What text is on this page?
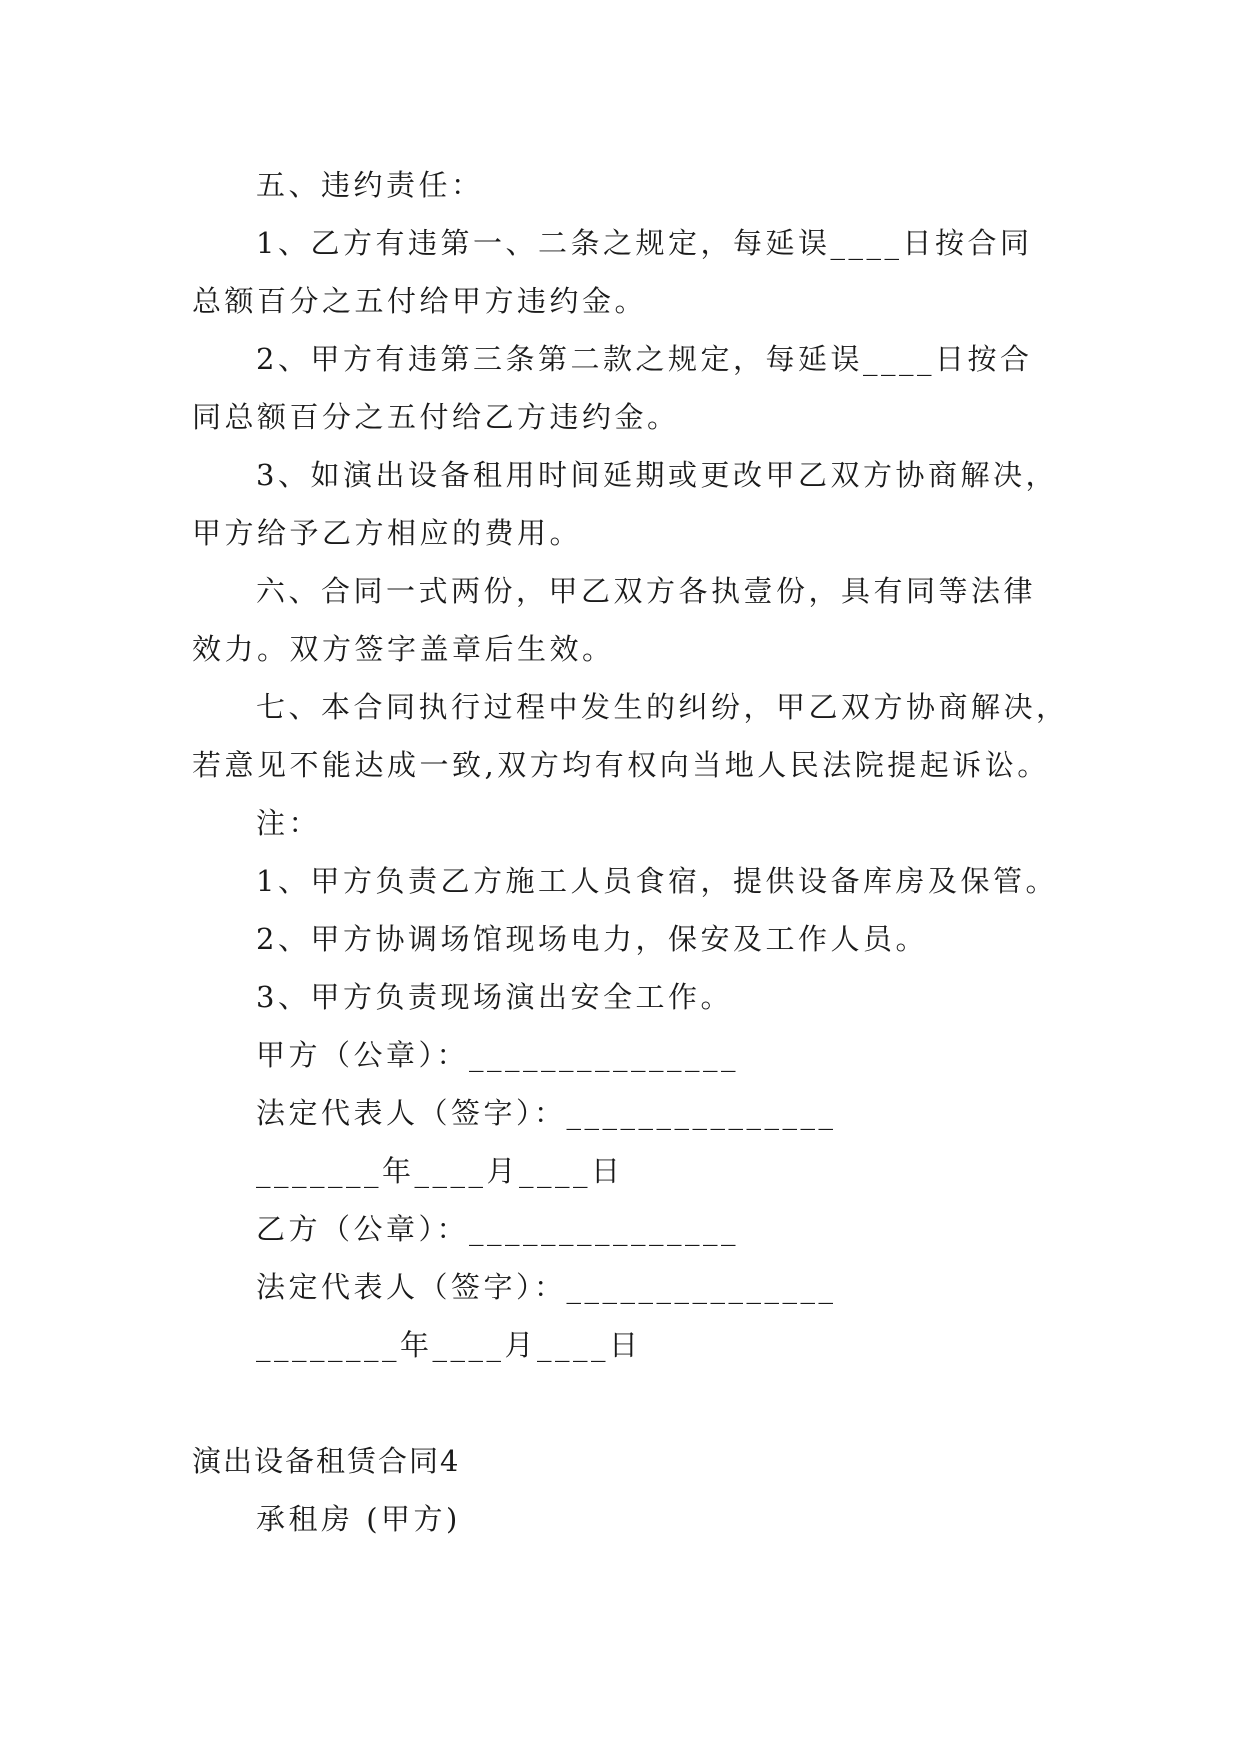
五、违约责任：
1、乙方有违第一、二条之规定，每延误____日按合同
总额百分之五付给甲方违约金。
2、甲方有违第三条第二款之规定，每延误____日按合
同总额百分之五付给乙方违约金。
3、如演出设备租用时间延期或更改甲乙双方协商解决，
甲方给予乙方相应的费用。
六、合同一式两份，甲乙双方各执壹份，具有同等法律
效力。双方签字盖章后生效。
七、本合同执行过程中发生的纠纷，甲乙双方协商解决，
若意见不能达成一致,双方均有权向当地人民法院提起诉讼。
注：
1、甲方负责乙方施工人员食宿，提供设备库房及保管。
2、甲方协调场馆现场电力，保安及工作人员。
3、甲方负责现场演出安全工作。
甲方（公章）：_______________
法定代表人（签字）：_______________
_______年____月____日
乙方（公章）：_______________
法定代表人（签字）：_______________
________年____月____日
演出设备租赁合同4
承租房 (甲方)
